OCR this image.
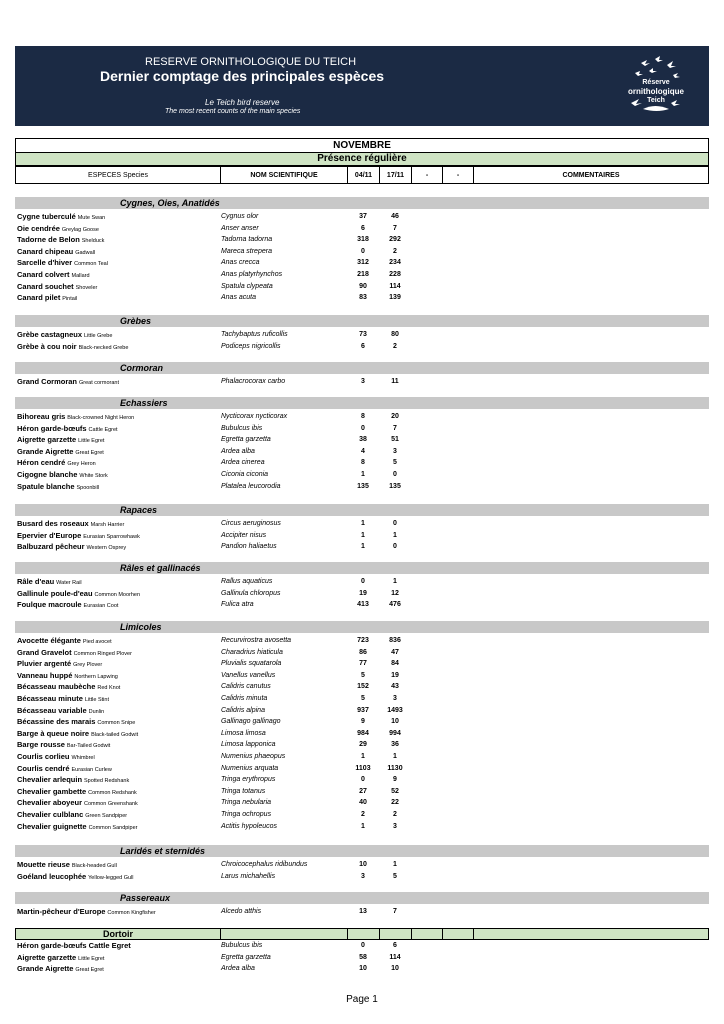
RESERVE ORNITHOLOGIQUE DU TEICH
Dernier comptage des principales espèces
Le Teich bird reserve
The most recent counts of the main species
Réserve
ornithologique
Teich
NOVEMBRE
Présence régulière
ESPECES Species	NOM SCIENTIFIQUE	04/11	17/11	-	-	COMMENTAIRES
Cygnes, Oies, Anatidés
Cygne tuberculé Mute Swan	Cygnus olor	37	46
Oie cendrée Greylag Goose	Anser anser	6	7
Tadorne de Belon Shelduck	Tadorna tadorna	318	292
Canard chipeau Gadwall	Mareca strepera	0	2
Sarcelle d'hiver Common Teal	Anas crecca	312	234
Canard colvert Mallard	Anas platyrhynchos	218	228
Canard souchet Shoveler	Spatula clypeata	90	114
Canard pilet Pintail	Anas acuta	83	139
Grèbes
Grèbe castagneux Little Grebe	Tachybaptus ruficollis	73	80
Grèbe à cou noir Black-necked Grebe	Podiceps nigricollis	6	2
Cormoran
Grand Cormoran Great cormorant	Phalacrocorax carbo	3	11
Echassiers
Bihoreau gris Black-crowned Night Heron	Nycticorax nycticorax	8	20
Héron garde-bœufs Cattle Egret	Bubulcus ibis	0	7
Aigrette garzette Little Egret	Egretta garzetta	38	51
Grande Aigrette Great Egret	Ardea alba	4	3
Héron cendré Grey Heron	Ardea cinerea	8	5
Cigogne blanche White Stork	Ciconia ciconia	1	0
Spatule blanche Spoonbill	Platalea leucorodia	135	135
Rapaces
Busard des roseaux Marsh Harrier	Circus aeruginosus	1	0
Epervier d'Europe Eurasian Sparrowhawk	Accipiter nisus	1	1
Balbuzard pêcheur Western Osprey	Pandion haliaetus	1	0
Râles et gallinacés
Râle d'eau Water Rail	Rallus aquaticus	0	1
Gallinule poule-d'eau Common Moorhen	Gallinula chloropus	19	12
Foulque macroule Eurasian Coot	Fulica atra	413	476
Limicoles
Avocette élégante Pied avocet	Recurvirostra avosetta	723	836
Grand Gravelot Common Ringed Plover	Charadrius hiaticula	86	47
Pluvier argenté Grey Plover	Pluvialis squatarola	77	84
Vanneau huppé Northern Lapwing	Vanellus vanellus	5	19
Bécasseau maubèche Red Knot	Calidris canutus	152	43
Bécasseau minute Little Stint	Calidris minuta	5	3
Bécasseau variable Dunlin	Calidris alpina	937	1493
Bécassine des marais Common Snipe	Gallinago gallinago	9	10
Barge à queue noire Black-tailed Godwit	Limosa limosa	984	994
Barge rousse Bar-Tailed Godwit	Limosa lapponica	29	36
Courlis corlieu Whimbrel	Numenius phaeopus	1	1
Courlis cendré Eurasian Curlew	Numenius arquata	1103	1130
Chevalier arlequin Spotted Redshank	Tringa erythropus	0	9
Chevalier gambette Common Redshank	Tringa totanus	27	52
Chevalier aboyeur Common Greenshank	Tringa nebularia	40	22
Chevalier culblanc Green Sandpiper	Tringa ochropus	2	2
Chevalier guignette Common Sandpiper	Actitis hypoleucos	1	3
Laridés et sternidés
Mouette rieuse Black-headed Gull	Chroicocephalus ridibundus	10	1
Goéland leucophée Yellow-legged Gull	Larus michahellis	3	5
Passereaux
Martin-pêcheur d'Europe Common Kingfisher	Alcedo atthis	13	7
Dortoir
Héron garde-bœufs Cattle Egret	Bubulcus ibis	0	6
Aigrette garzette Little Egret	Egretta garzetta	58	114
Grande Aigrette Great Egret	Ardea alba	10	10
Page 1
